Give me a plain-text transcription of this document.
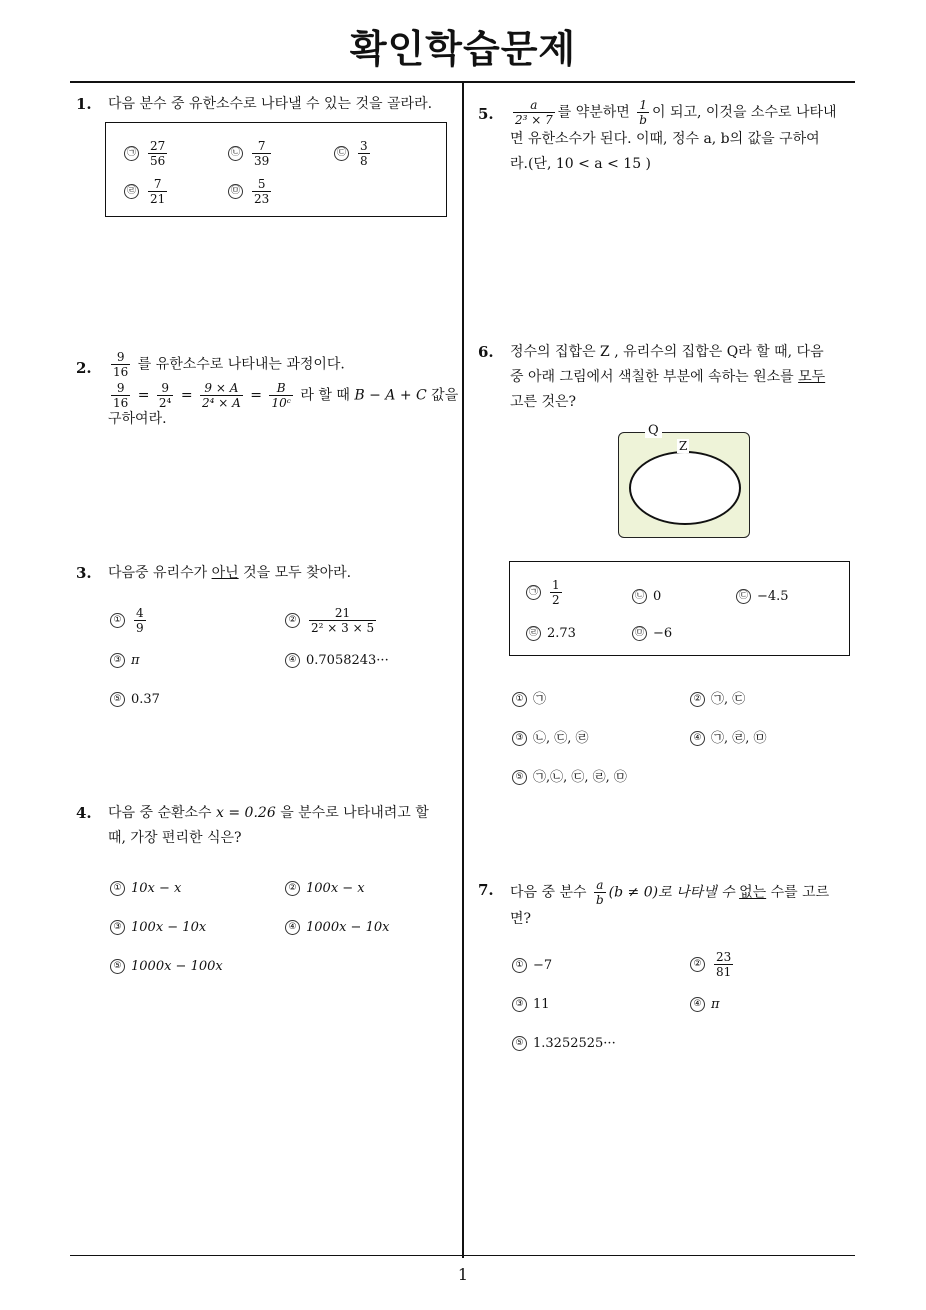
확인학습문제
1
1. 다음 분수 중 유한소수로 나타낼 수 있는 것을 골라라.
㉠ $\frac{27}{56}$	㉡ $\frac{7}{39}$	㉢ $\frac{3}{8}$
㉣ $\frac{7}{21}$	㉤ $\frac{5}{23}$
2. $\frac{9}{16}$ 를 유한소수로 나타내는 과정이다.
$\frac{9}{16} = \frac{9}{\text{2⁴}} = \frac{9 \times A}{\text{2⁴ × A}} = \frac{B}{\text{10ᶜ}}$ 라 할 때 B − A + C 값을
구하여라.
3. 다음중 유리수가 아닌 것을 모두 찾아라.
① $\frac{4}{9}$	② $\frac{21}{\text{2² × 3 × 5}}$
③ π	④ 0.7058243···
⑤ 0.37
4. 다음 중 순환소수 x = 0.26 을 분수로 나타내려고 할
때, 가장 편리한 식은?
① 10x − x	② 100x − x
③ 100x − 10x	④ 1000x − 10x
⑤ 1000x − 100x
5. $\frac{a}{\text{2³ × 7}}$ 를 약분하면 $\frac{1}{b}$ 이 되고, 이것을 소수로 나타내
면 유한소수가 된다. 이때, 정수 a, b의 값을 구하여
라.(단, 10 < a < 15 )
6. 정수의 집합은 Z , 유리수의 집합은 Q라 할 때, 다음
중 아래 그림에서 색칠한 부분에 속하는 원소를 모두
고른 것은?
Q
Z
㉠ $\frac{1}{2}$	㉡ 0	㉢ −4.5
㉣ 2.73	㉤ −6
① ㉠	② ㉠, ㉢
③ ㉡, ㉢, ㉣	④ ㉠, ㉣, ㉤
⑤ ㉠,㉡, ㉢, ㉣, ㉤
7. 다음 중 분수 $\frac{a}{b} (b \ne 0)$로 나타낼 수 없는 수를 고르
면?
① −7	② $\frac{23}{81}$
③ 11	④ π
⑤ 1.3252525···
